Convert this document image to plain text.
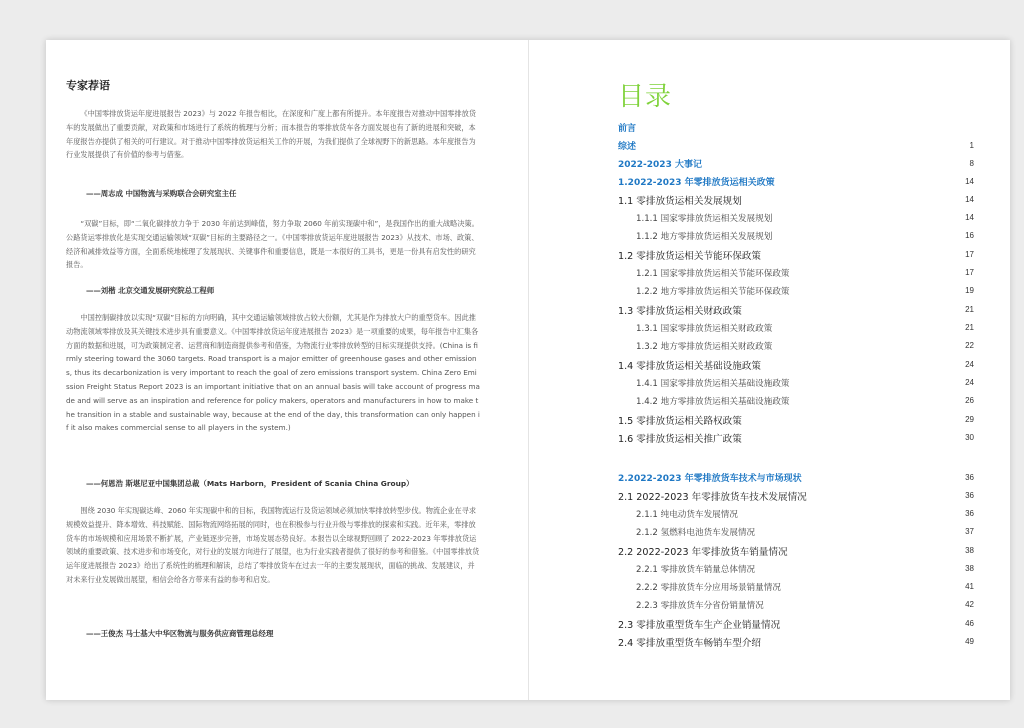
专家荐语

《中国零排放货运年度进展报告 2023》与 2022 年报告相比，在深度和广度上都有所提升。本年度报告对推动中国零排放货车的发展做出了重要贡献，对政策和市场进行了系统的梳理与分析；而本报告的零排放货车各方面发展也有了新的进展和突破，本年度报告亦提供了相关的可行建议。对于推动中国零排放货运相关工作的开展，为我们提供了全球视野下的新思路。本年度报告为行业发展提供了有价值的参考与借鉴。

——周志成 中国物流与采购联合会研究室主任

“双碳”目标，即“二氧化碳排放力争于 2030 年前达到峰值，努力争取 2060 年前实现碳中和”，是我国作出的重大战略决策。公路货运零排放化是实现交通运输领域“双碳”目标的主要路径之一。《中国零排放货运年度进展报告 2023》从技术、市场、政策、经济和减排效益等方面，全面系统地梳理了发展现状、关键事件和重要信息，既是一本很好的工具书，更是一份具有启发性的研究报告。

——刘楷 北京交通发展研究院总工程师

中国控制碳排放以实现“双碳”目标的方向明确，其中交通运输领域排放占较大份额，尤其是作为排放大户的重型货车。因此推动物流领域零排放及其关键技术进步具有重要意义。《中国零排放货运年度进展报告 2023》是一项重要的成果，每年报告中汇集各方面的数据和进展，可为政策制定者、运营商和制造商提供参考和借鉴，为物流行业零排放转型的目标实现提供支持。(China is firmly steering toward the 3060 targets. Road transport is a major emitter of greenhouse gases and other emissions, thus its decarbonization is very important to reach the goal of zero emissions transport system. China Zero Emission Freight Status Report 2023 is an important initiative that on an annual basis will take account of progress made and will serve as an inspiration and reference for policy makers, operators and manufacturers in how to make the transition in a stable and sustainable way, because at the end of the day, this transformation can only happen if it also makes commercial sense to all players in the system.)

——何恩浩 斯堪尼亚中国集团总裁（Mats Harborn，President of Scania China Group）

围绕 2030 年实现碳达峰、2060 年实现碳中和的目标，我国物流运行及货运领域必须加快零排放转型步伐。物流企业在寻求规模效益提升、降本增效、科技赋能、国际物流网络拓展的同时，也在积极参与行业升级与零排放的探索和实践。近年来，零排放货车的市场规模和应用场景不断扩展，产业链逐步完善，市场发展态势良好。本报告以全球视野回顾了 2022-2023 年零排放货运领域的重要政策、技术进步和市场变化，对行业的发展方向进行了展望，也为行业实践者提供了很好的参考和借鉴。《中国零排放货运年度进展报告 2023》给出了系统性的梳理和解读，总结了零排放货车在过去一年的主要发展现状，面临的挑战、发展建议，并对未来行业发展做出展望，相信会给各方带来有益的参考和启发。

——王俊杰 马士基大中华区物流与服务供应商管理总经理
目录
前言
综述	1
2022-2023 大事记	8
1.2022-2023 年零排放货运相关政策	14
1.1 零排放货运相关发展规划	14
1.1.1 国家零排放货运相关发展规划	14
1.1.2 地方零排放货运相关发展规划	16
1.2 零排放货运相关节能环保政策	17
1.2.1 国家零排放货运相关节能环保政策	17
1.2.2 地方零排放货运相关节能环保政策	19
1.3 零排放货运相关财政政策	21
1.3.1 国家零排放货运相关财政政策	21
1.3.2 地方零排放货运相关财政政策	22
1.4 零排放货运相关基础设施政策	24
1.4.1 国家零排放货运相关基础设施政策	24
1.4.2 地方零排放货运相关基础设施政策	26
1.5 零排放货运相关路权政策	29
1.6 零排放货运相关推广政策	30
2.2022-2023 年零排放货车技术与市场现状	36
2.1 2022-2023 年零排放货车技术发展情况	36
2.1.1 纯电动货车发展情况	36
2.1.2 氢燃料电池货车发展情况	37
2.2 2022-2023 年零排放货车销量情况	38
2.2.1 零排放货车销量总体情况	38
2.2.2 零排放货车分应用场景销量情况	41
2.2.3 零排放货车分省份销量情况	42
2.3 零排放重型货车生产企业销量情况	46
2.4 零排放重型货车畅销车型介绍	49
